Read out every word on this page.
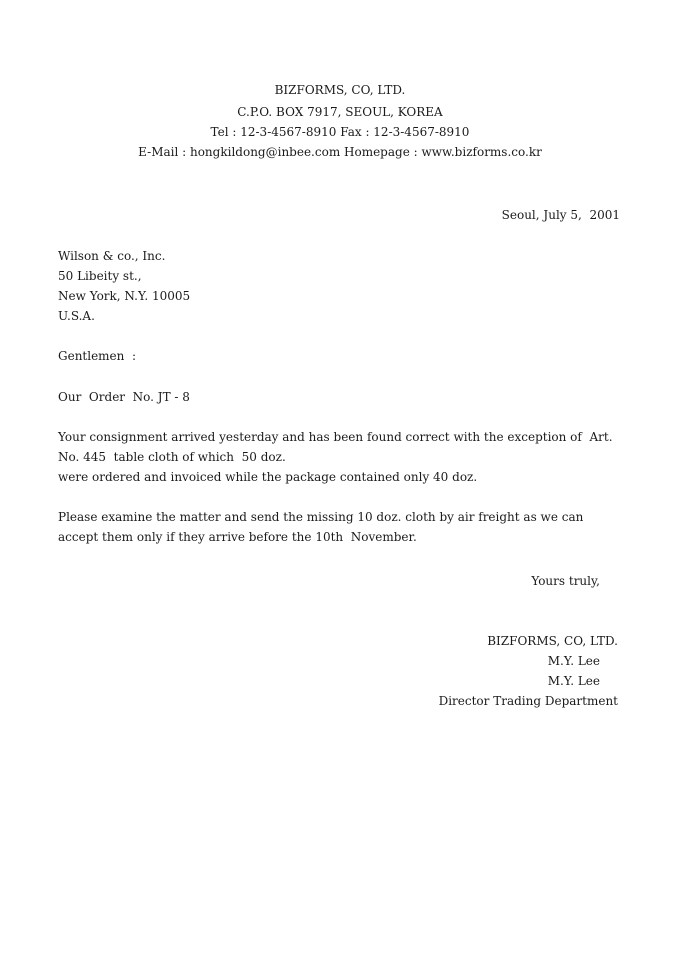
BIZFORMS, CO, LTD.
C.P.O. BOX 7917, SEOUL, KOREA
Tel : 12-3-4567-8910 Fax : 12-3-4567-8910
E-Mail : hongkildong@inbee.com Homepage : www.bizforms.co.kr
Seoul, July 5,  2001
Wilson & co., Inc.
50 Libeity st.,
New York, N.Y. 10005
U.S.A.
Gentlemen  :
Our  Order  No. JT - 8
Your consignment arrived yesterday and has been found correct with the exception of  Art.
No. 445  table cloth of which  50 doz.
were ordered and invoiced while the package contained only 40 doz.
Please examine the matter and send the missing 10 doz. cloth by air freight as we can
accept them only if they arrive before the 10th  November.
Yours truly,
BIZFORMS, CO, LTD.
M.Y. Lee
M.Y. Lee
Director Trading Department
